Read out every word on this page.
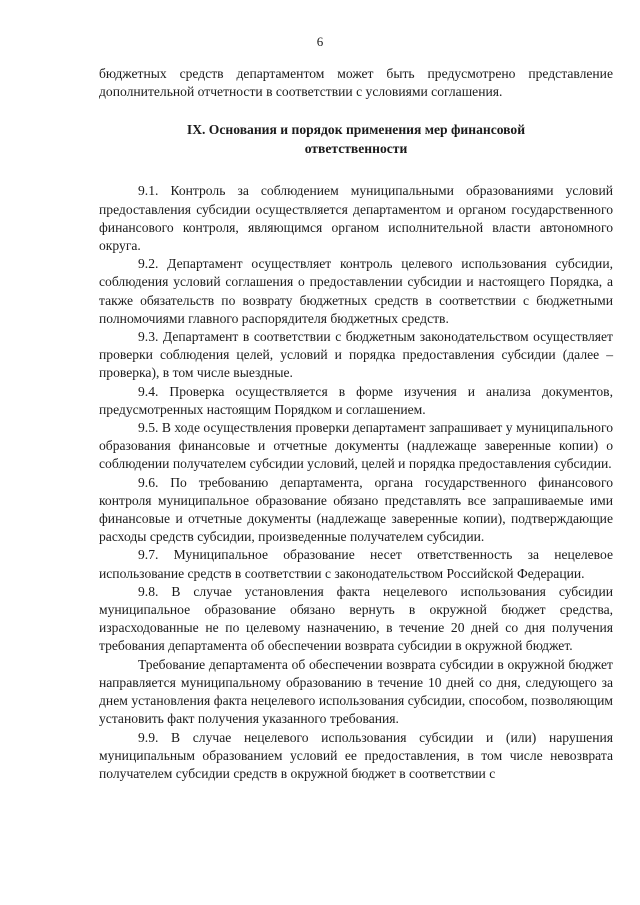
6

бюджетных средств департаментом может быть предусмотрено представление дополнительной отчетности в соответствии с условиями соглашения.

IX. Основания и порядок применения мер финансовой
ответственности

9.1. Контроль за соблюдением муниципальными образованиями условий предоставления субсидии осуществляется департаментом и органом государственного финансового контроля, являющимся органом исполнительной власти автономного округа.

9.2. Департамент осуществляет контроль целевого использования субсидии, соблюдения условий соглашения о предоставлении субсидии и настоящего Порядка, а также обязательств по возврату бюджетных средств в соответствии с бюджетными полномочиями главного распорядителя бюджетных средств.

9.3. Департамент в соответствии с бюджетным законодательством осуществляет проверки соблюдения целей, условий и порядка предоставления субсидии (далее – проверка), в том числе выездные.

9.4. Проверка осуществляется в форме изучения и анализа документов, предусмотренных настоящим Порядком и соглашением.

9.5. В ходе осуществления проверки департамент запрашивает у муниципального образования финансовые и отчетные документы (надлежаще заверенные копии) о соблюдении получателем субсидии условий, целей и порядка предоставления субсидии.

9.6. По требованию департамента, органа государственного финансового контроля муниципальное образование обязано представлять все запрашиваемые ими финансовые и отчетные документы (надлежаще заверенные копии), подтверждающие расходы средств субсидии, произведенные получателем субсидии.

9.7. Муниципальное образование несет ответственность за нецелевое использование средств в соответствии с законодательством Российской Федерации.

9.8. В случае установления факта нецелевого использования субсидии муниципальное образование обязано вернуть в окружной бюджет средства, израсходованные не по целевому назначению, в течение 20 дней со дня получения требования департамента об обеспечении возврата субсидии в окружной бюджет.

Требование департамента об обеспечении возврата субсидии в окружной бюджет направляется муниципальному образованию в течение 10 дней со дня, следующего за днем установления факта нецелевого использования субсидии, способом, позволяющим установить факт получения указанного требования.

9.9. В случае нецелевого использования субсидии и (или) нарушения муниципальным образованием условий ее предоставления, в том числе невозврата получателем субсидии средств в окружной бюджет в соответствии с
